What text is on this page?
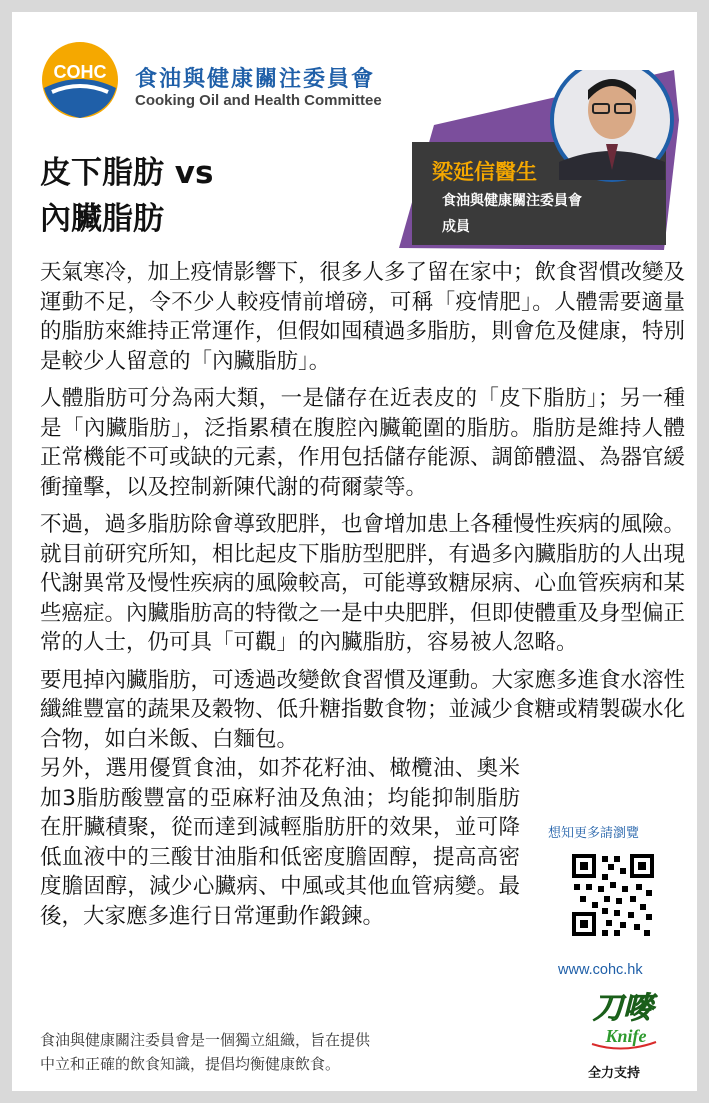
COHC 食油與健康關注委員會
Cooking Oil and Health Committee
皮下脂肪 vs
內臟脂肪
梁延信醫生
食油與健康關注委員會
成員

天氣寒冷，加上疫情影響下，很多人多了留在家中；飲食習慣改變及運動不足，令不少人較疫情前增磅，可稱「疫情肥」。人體需要適量的脂肪來維持正常運作，但假如囤積過多脂肪，則會危及健康，特別是較少人留意的「內臟脂肪」。

人體脂肪可分為兩大類，一是儲存在近表皮的「皮下脂肪」；另一種是「內臟脂肪」，泛指累積在腹腔內臟範圍的脂肪。脂肪是維持人體正常機能不可或缺的元素，作用包括儲存能源、調節體溫、為器官緩衝撞擊，以及控制新陳代謝的荷爾蒙等。

不過，過多脂肪除會導致肥胖，也會增加患上各種慢性疾病的風險。就目前研究所知，相比起皮下脂肪型肥胖，有過多內臟脂肪的人出現代謝異常及慢性疾病的風險較高，可能導致糖尿病、心血管疾病和某些癌症。內臟脂肪高的特徵之一是中央肥胖，但即使體重及身型偏正常的人士，仍可具「可觀」的內臟脂肪，容易被人忽略。

要甩掉內臟脂肪，可透過改變飲食習慣及運動。大家應多進食水溶性纖維豐富的蔬果及穀物、低升糖指數食物；並減少食糖或精製碳水化合物，如白米飯、白麵包。
另外，選用優質食油，如芥花籽油、橄欖油、奧米加3脂肪酸豐富的亞麻籽油及魚油；均能抑制脂肪在肝臟積聚，從而達到減輕脂肪肝的效果，並可降低血液中的三酸甘油脂和低密度膽固醇，提高高密度膽固醇，減少心臟病、中風或其他血管病變。最後，大家應多進行日常運動作鍛鍊。

想知更多請瀏覽
www.cohc.hk
刀嘜
Knife
全力支持
食油與健康關注委員會是一個獨立組織，旨在提供
中立和正確的飲食知識，提倡均衡健康飲食。
